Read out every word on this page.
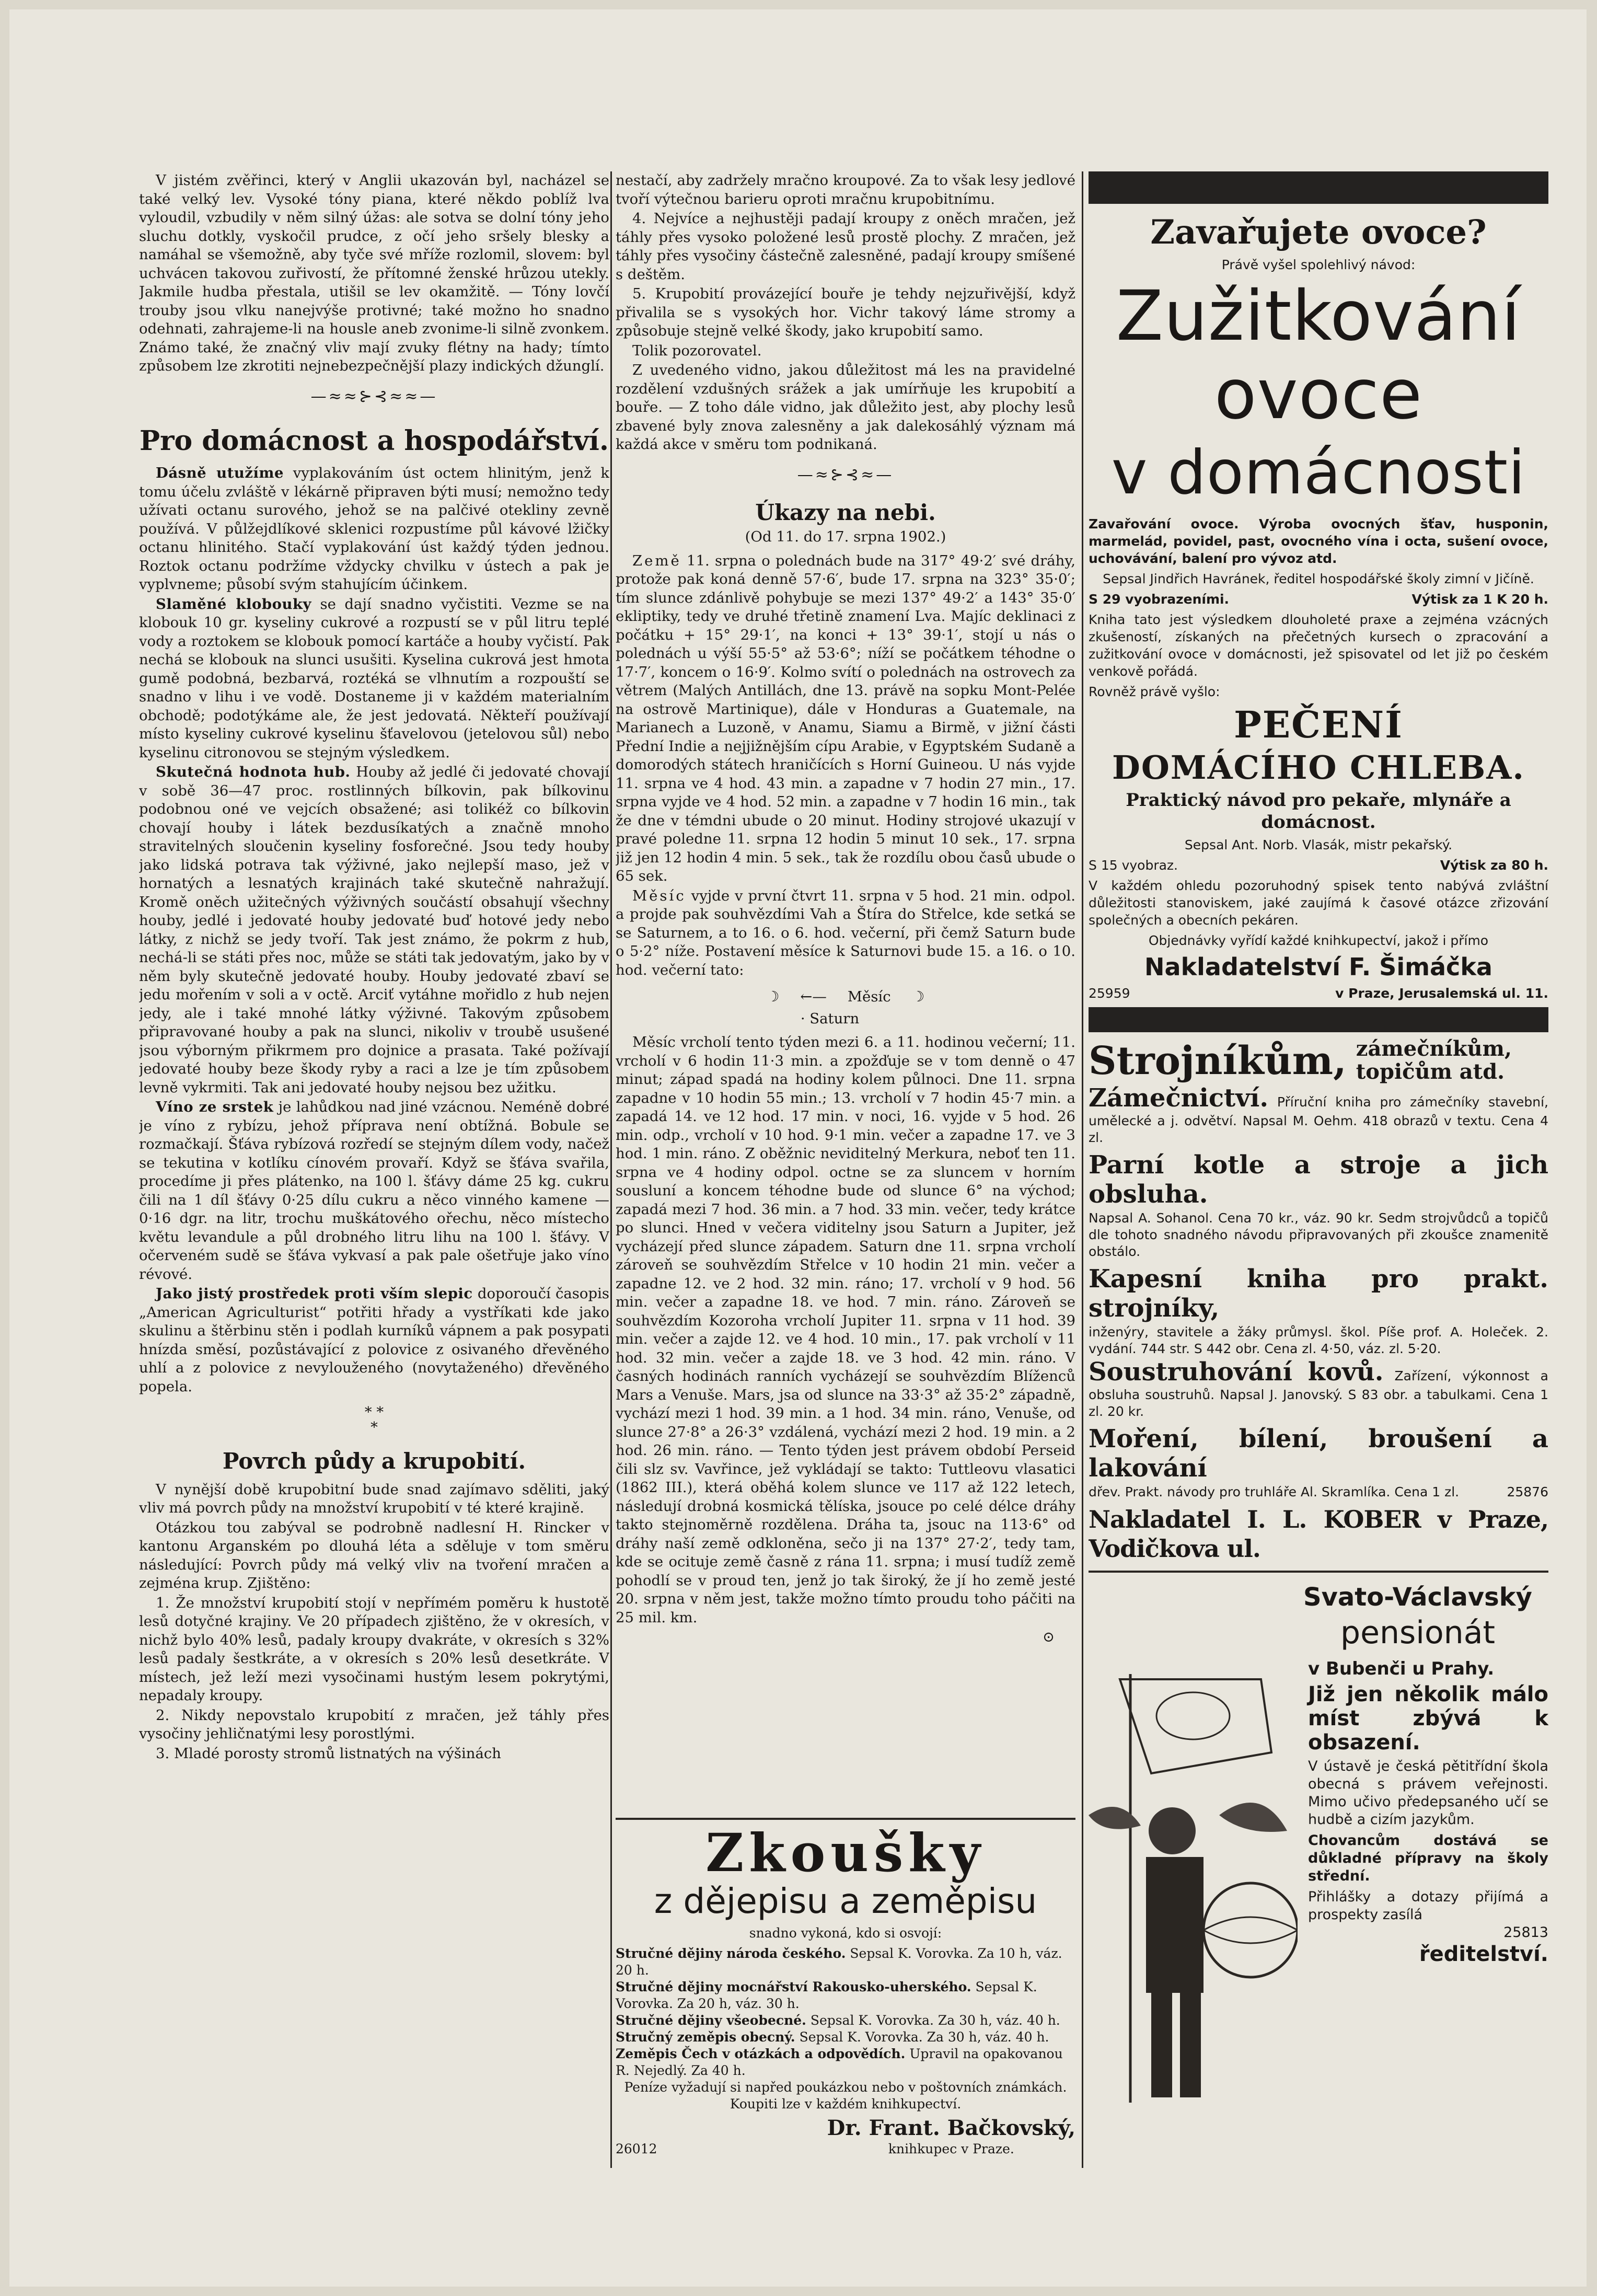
V jistém zvěřinci, který v Anglii ukazován byl, nacházel se také velký lev. Vysoké tóny piana, které někdo poblíž lva vyloudil, vzbudily v něm silný úžas: ale sotva se dolní tóny jeho sluchu dotkly, vyskočil prudce, z očí jeho sršely blesky a namáhal se všemožně, aby tyče své mříže rozlomil, slovem: byl uchvácen takovou zuřivostí, že přítomné ženské hrůzou utekly. Jakmile hudba přestala, utišil se lev okamžitě. — Tóny lovčí trouby jsou vlku nanejvýše protivné; také možno ho snadno odehnati, zahrajeme-li na housle aneb zvonime-li silně zvonkem. Známo také, že značný vliv mají zvuky flétny na hady; tímto způsobem lze zkrotiti nejnebezpečnější plazy indických džunglí.

—≈≈⊱⊰≈≈—
Pro domácnost a hospodářství.

Dásně utužíme vyplakováním úst octem hlinitým, jenž k tomu účelu zvláště v lékárně připraven býti musí; nemožno tedy užívati octanu surového, jehož se na palčivé otekliny zevně používá. V půlžejdlíkové sklenici rozpustíme půl kávové lžičky octanu hlinitého. Stačí vyplakování úst každý týden jednou. Roztok octanu podržíme vždycky chvilku v ústech a pak je vyplvneme; působí svým stahujícím účinkem.

Slaměné klobouky se dají snadno vyčistiti. Vezme se na klobouk 10 gr. kyseliny cukrové a rozpustí se v půl litru teplé vody a roztokem se klobouk pomocí kartáče a houby vyčistí. Pak nechá se klobouk na slunci usušiti. Kyselina cukrová jest hmota gumě podobná, bezbarvá, roztéká se vlhnutím a rozpouští se snadno v lihu i ve vodě. Dostaneme ji v každém materialním obchodě; podotýkáme ale, že jest jedovatá. Někteří používají místo kyseliny cukrové kyselinu šťavelovou (jetelovou sůl) nebo kyselinu citronovou se stejným výsledkem.

Skutečná hodnota hub. Houby až jedlé či jedovaté chovají v sobě 36—47 proc. rostlinných bílkovin, pak bílkovinu podobnou oné ve vejcích obsažené; asi tolikéž co bílkovin chovají houby i látek bezdusíkatých a značně mnoho stravitelných sloučenin kyseliny fosforečné. Jsou tedy houby jako lidská potrava tak výživné, jako nejlepší maso, jež v hornatých a lesnatých krajinách také skutečně nahražují. Kromě oněch užitečných výživných součástí obsahují všechny houby, jedlé i jedovaté houby jedovaté buď hotové jedy nebo látky, z nichž se jedy tvoří. Tak jest známo, že pokrm z hub, nechá-li se státi přes noc, může se státi tak jedovatým, jako by v něm byly skutečně jedovaté houby. Houby jedovaté zbaví se jedu mořením v soli a v octě. Arciť vytáhne mořidlo z hub nejen jedy, ale i také mnohé látky výživné. Takovým způsobem připravované houby a pak na slunci, nikoliv v troubě usušené jsou výborným přikrmem pro dojnice a prasata. Také požívají jedovaté houby beze škody ryby a raci a lze je tím způsobem levně vykrmiti. Tak ani jedovaté houby nejsou bez užitku.

Víno ze srstek je lahůdkou nad jiné vzácnou. Neméně dobré je víno z rybízu, jehož příprava není obtížná. Bobule se rozmačkají. Šťáva rybízová rozředí se stejným dílem vody, načež se tekutina v kotlíku cínovém provaří. Když se šťáva svařila, procedíme ji přes plátenko, na 100 l. šťávy dáme 25 kg. cukru čili na 1 díl šťávy 0·25 dílu cukru a něco vinného kamene — 0·16 dgr. na litr, trochu muškátového ořechu, něco místecho květu levandule a půl drobného litru lihu na 100 l. šťávy. V očerveném sudě se šťáva vykvasí a pak pale ošetřuje jako víno révové.

Jako jistý prostředek proti vším slepic doporoučí časopis „American Agriculturist“ potřiti hřady a vystříkati kde jako skulinu a štěrbinu stěn i podlah kurníků vápnem a pak posypati hnízda směsí, pozůstávající z polovice z osivaného dřevěného uhlí a z polovice z nevylouženého (novytaženého) dřevěného popela.

* *
*
Povrch půdy a krupobití.

V nynější době krupobitní bude snad zajímavo sděliti, jaký vliv má povrch půdy na množství krupobití v té které krajině.

Otázkou tou zabýval se podrobně nadlesní H. Rincker v kantonu Arganském po dlouhá léta a sděluje v tom směru následující: Povrch půdy má velký vliv na tvoření mračen a zejména krup. Zjištěno:

1. Že množství krupobití stojí v nepřímém poměru k hustotě lesů dotyčné krajiny. Ve 20 případech zjištěno, že v okresích, v nichž bylo 40% lesů, padaly kroupy dvakráte, v okresích s 32% lesů padaly šestkráte, a v okresích s 20% lesů desetkráte. V místech, jež leží mezi vysočinami hustým lesem pokrytými, nepadaly kroupy.

2. Nikdy nepovstalo krupobití z mračen, jež táhly přes vysočiny jehličnatými lesy porostlými.

3. Mladé porosty stromů listnatých na výšinách

nestačí, aby zadržely mračno kroupové. Za to však lesy jedlové tvoří výtečnou barieru oproti mračnu krupobitnímu.

4. Nejvíce a nejhustěji padají kroupy z oněch mračen, jež táhly přes vysoko položené lesů prostě plochy. Z mračen, jež táhly přes vysočiny částečně zalesněné, padají kroupy smíšené s deštěm.

5. Krupobití provázející bouře je tehdy nejzuřivější, když přivalila se s vysokých hor. Vichr takový láme stromy a způsobuje stejně velké škody, jako krupobití samo.

Tolik pozorovatel.

Z uvedeného vidno, jakou důležitost má les na pravidelné rozdělení vzdušných srážek a jak umírňuje les krupobití a bouře. — Z toho dále vidno, jak důležito jest, aby plochy lesů zbavené byly znova zalesněny a jak dalekosáhlý význam má každá akce v směru tom podnikaná.

—≈⊱⊰≈—
Úkazy na nebi.
(Od 11. do 17. srpna 1902.)

Země 11. srpna o polednách bude na 317° 49·2′ své dráhy, protože pak koná denně 57·6′, bude 17. srpna na 323° 35·0′; tím slunce zdánlivě pohybuje se mezi 137° 49·2′ a 143° 35·0′ ekliptiky, tedy ve druhé třetině znamení Lva. Majíc deklinaci z počátku + 15° 29·1′, na konci + 13° 39·1′, stojí u nás o polednách u výší 55·5° až 53·6°; níží se počátkem téhodne o 17·7′, koncem o 16·9′. Kolmo svítí o polednách na ostrovech za větrem (Malých Antillách, dne 13. právě na sopku Mont-Pelée na ostrově Martinique), dále v Honduras a Guatemale, na Marianech a Luzoně, v Anamu, Siamu a Birmě, v jižní části Přední Indie a nejjižnějším cípu Arabie, v Egyptském Sudaně a domorodých státech hraničících s Horní Guineou. U nás vyjde 11. srpna ve 4 hod. 43 min. a zapadne v 7 hodin 27 min., 17. srpna vyjde ve 4 hod. 52 min. a zapadne v 7 hodin 16 min., tak že dne v témdni ubude o 20 minut. Hodiny strojové ukazují v pravé poledne 11. srpna 12 hodin 5 minut 10 sek., 17. srpna již jen 12 hodin 4 min. 5 sek., tak že rozdílu obou časů ubude o 65 sek.

Měsíc vyjde v první čtvrt 11. srpna v 5 hod. 21 min. odpol. a projde pak souhvězdími Vah a Štíra do Střelce, kde setká se se Saturnem, a to 16. o 6. hod. večerní, při čemž Saturn bude o 5·2° níže. Postavení měsíce k Saturnovi bude 15. a 16. o 10. hod. večerní tato:

☽ ←— Měsíc ☽
· Saturn

Měsíc vrcholí tento týden mezi 6. a 11. hodinou večerní; 11. vrcholí v 6 hodin 11·3 min. a zpožďuje se v tom denně o 47 minut; západ spadá na hodiny kolem půlnoci. Dne 11. srpna zapadne v 10 hodin 55 min.; 13. vrcholí v 7 hodin 45·7 min. a zapadá 14. ve 12 hod. 17 min. v noci, 16. vyjde v 5 hod. 26 min. odp., vrcholí v 10 hod. 9·1 min. večer a zapadne 17. ve 3 hod. 1 min. ráno. Z oběžnic neviditelný Merkura, neboť ten 11. srpna ve 4 hodiny odpol. octne se za sluncem v horním sousluní a koncem téhodne bude od slunce 6° na východ; zapadá mezi 7 hod. 36 min. a 7 hod. 33 min. večer, tedy krátce po slunci. Hned v večera viditelny jsou Saturn a Jupiter, jež vycházejí před slunce západem. Saturn dne 11. srpna vrcholí zároveň se souhvězdím Střelce v 10 hodin 21 min. večer a zapadne 12. ve 2 hod. 32 min. ráno; 17. vrcholí v 9 hod. 56 min. večer a zapadne 18. ve hod. 7 min. ráno. Zároveň se souhvězdím Kozoroha vrcholí Jupiter 11. srpna v 11 hod. 39 min. večer a zajde 12. ve 4 hod. 10 min., 17. pak vrcholí v 11 hod. 32 min. večer a zajde 18. ve 3 hod. 42 min. ráno. V časných hodinách ranních vycházejí se souhvězdím Blíženců Mars a Venuše. Mars, jsa od slunce na 33·3° až 35·2° západně, vychází mezi 1 hod. 39 min. a 1 hod. 34 min. ráno, Venuše, od slunce 27·8° a 26·3° vzdálená, vychází mezi 2 hod. 19 min. a 2 hod. 26 min. ráno. — Tento týden jest právem období Perseid čili slz sv. Vavřince, jež vykládají se takto: Tuttleovu vlasatici (1862 III.), která oběhá kolem slunce ve 117 až 122 letech, následují drobná kosmická tělíska, jsouce po celé délce dráhy takto stejnoměrně rozdělena. Dráha ta, jsouc na 113·6° od dráhy naší země odkloněna, sečo ji na 137° 27·2′, tedy tam, kde se ocituje země časně z rána 11. srpna; i musí tudíž země pohodlí se v proud ten, jenž jo tak široký, že jí ho země jesté 20. srpna v něm jest, takže možno tímto proudu toho páčiti na 25 mil. km.

⊙
Zkoušky
z dějepisu a zeměpisu
snadno vykoná, kdo si osvojí:
Stručné dějiny národa českého. Sepsal K. Vorovka. Za 10 h, váz. 20 h.
Stručné dějiny mocnářství Rakousko-uherského. Sepsal K. Vorovka. Za 20 h, váz. 30 h.
Stručné dějiny všeobecné. Sepsal K. Vorovka. Za 30 h, váz. 40 h.
Stručný zeměpis obecný. Sepsal K. Vorovka. Za 30 h, váz. 40 h.
Zeměpis Čech v otázkách a odpovědích. Upravil na opakovanou R. Nejedlý. Za 40 h.
Peníze vyžadují si napřed poukázkou nebo v poštovních známkách. Koupiti lze v každém knihkupectví.
26012
Dr. Frant. Bačkovský,
knihkupec v Praze.
Zavařujete ovoce?
Právě vyšel spolehlivý návod:
Zužitkování
ovoce
v domácnosti
Zavařování ovoce. Výroba ovocných šťav, husponin, marmelád, povidel, past, ovocného vína i octa, sušení ovoce, uchovávání, balení pro vývoz atd.
Sepsal Jindřich Havránek, ředitel hospodářské školy zimní v Jičíně.
S 29 vyobrazeními.	Výtisk za 1 K 20 h.
Kniha tato jest výsledkem dlouholeté praxe a zejména vzácných zkušeností, získaných na přečetných kursech o zpracování a zužitkování ovoce v domácnosti, jež spisovatel od let již po českém venkově pořádá.
Rovněž právě vyšlo:
PEČENÍ
DOMÁCÍHO CHLEBA.
Praktický návod pro pekaře, mlynáře a domácnost.
Sepsal Ant. Norb. Vlasák, mistr pekařský.
S 15 vyobraz.	Výtisk za 80 h.
V každém ohledu pozoruhodný spisek tento nabývá zvláštní důležitosti stanoviskem, jaké zaujímá k časové otázce zřizování společných a obecních pekáren.
Objednávky vyřídí každé knihkupectví, jakož i přímo
Nakladatelství F. Šimáčka
25959	v Praze, Jerusalemská ul. 11.
Strojníkům, zámečníkům, topičům atd.
Zámečnictví. Příruční kniha pro zámečníky stavební, umělecké a j. odvětví. Napsal M. Oehm. 418 obrazů v textu. Cena 4 zl.
Parní kotle a stroje a jich obsluha.
Napsal A. Sohanol. Cena 70 kr., váz. 90 kr. Sedm strojvůdců a topičů dle tohoto snadného návodu připravovaných při zkoušce znamenitě obstálo.
Kapesní kniha pro prakt. strojníky,
inženýry, stavitele a žáky průmysl. škol. Píše prof. A. Holeček. 2. vydání. 744 str. S 442 obr. Cena zl. 4·50, váz. zl. 5·20.
Soustruhování kovů. Zařízení, výkonnost a obsluha soustruhů. Napsal J. Janovský. S 83 obr. a tabulkami. Cena 1 zl. 20 kr.
Moření, bílení, broušení a lakování
dřev. Prakt. návody pro truhláře Al. Skramlíka. Cena 1 zl.	25876
Nakladatel I. L. KOBER v Praze, Vodičkova ul.
Svato-Václavský
pensionát
v Bubenči u Prahy.
Již jen několik málo míst zbývá k obsazení.
V ústavě je česká pětitřídní škola obecná s právem veřejnosti. Mimo učivo předepsaného učí se hudbě a cizím jazykům.
Chovancům dostává se důkladné přípravy na školy střední.
Přihlášky a dotazy přijímá a prospekty zasílá
25813
ředitelství.
